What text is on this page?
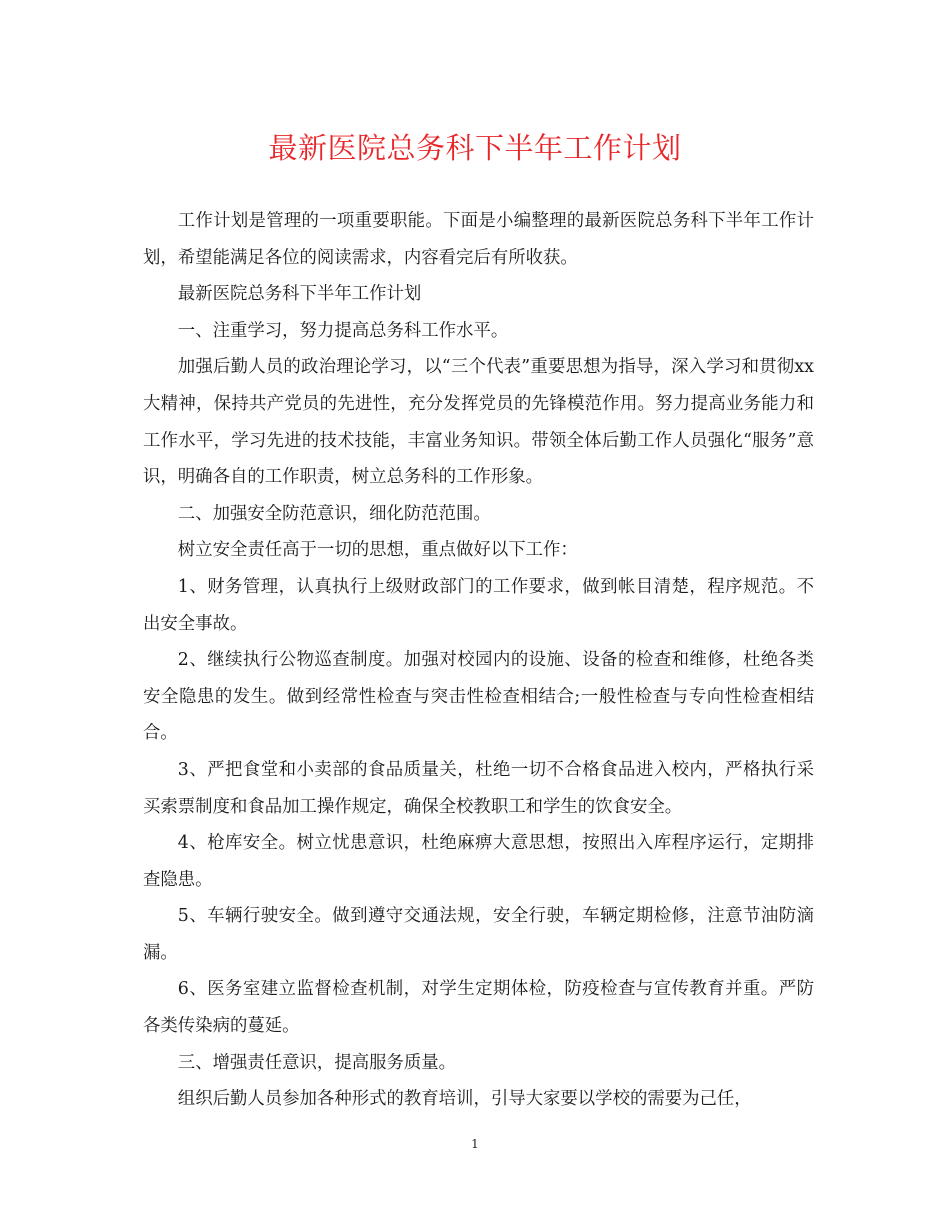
最新医院总务科下半年工作计划

工作计划是管理的一项重要职能。下面是小编整理的最新医院总务科下半年工作计划，希望能满足各位的阅读需求，内容看完后有所收获。

最新医院总务科下半年工作计划

一、注重学习，努力提高总务科工作水平。

加强后勤人员的政治理论学习，以“三个代表”重要思想为指导，深入学习和贯彻xx大精神，保持共产党员的先进性，充分发挥党员的先锋模范作用。努力提高业务能力和工作水平，学习先进的技术技能，丰富业务知识。带领全体后勤工作人员强化“服务”意识，明确各自的工作职责，树立总务科的工作形象。

二、加强安全防范意识，细化防范范围。

树立安全责任高于一切的思想，重点做好以下工作：

1、财务管理，认真执行上级财政部门的工作要求，做到帐目清楚，程序规范。不出安全事故。

2、继续执行公物巡查制度。加强对校园内的设施、设备的检查和维修，杜绝各类安全隐患的发生。做到经常性检查与突击性检查相结合;一般性检查与专向性检查相结合。

3、严把食堂和小卖部的食品质量关，杜绝一切不合格食品进入校内，严格执行采买索票制度和食品加工操作规定，确保全校教职工和学生的饮食安全。

4、枪库安全。树立忧患意识，杜绝麻痹大意思想，按照出入库程序运行，定期排查隐患。

5、车辆行驶安全。做到遵守交通法规，安全行驶，车辆定期检修，注意节油防滴漏。

6、医务室建立监督检查机制，对学生定期体检，防疫检查与宣传教育并重。严防各类传染病的蔓延。

三、增强责任意识，提高服务质量。

组织后勤人员参加各种形式的教育培训，引导大家要以学校的需要为己任，

1
